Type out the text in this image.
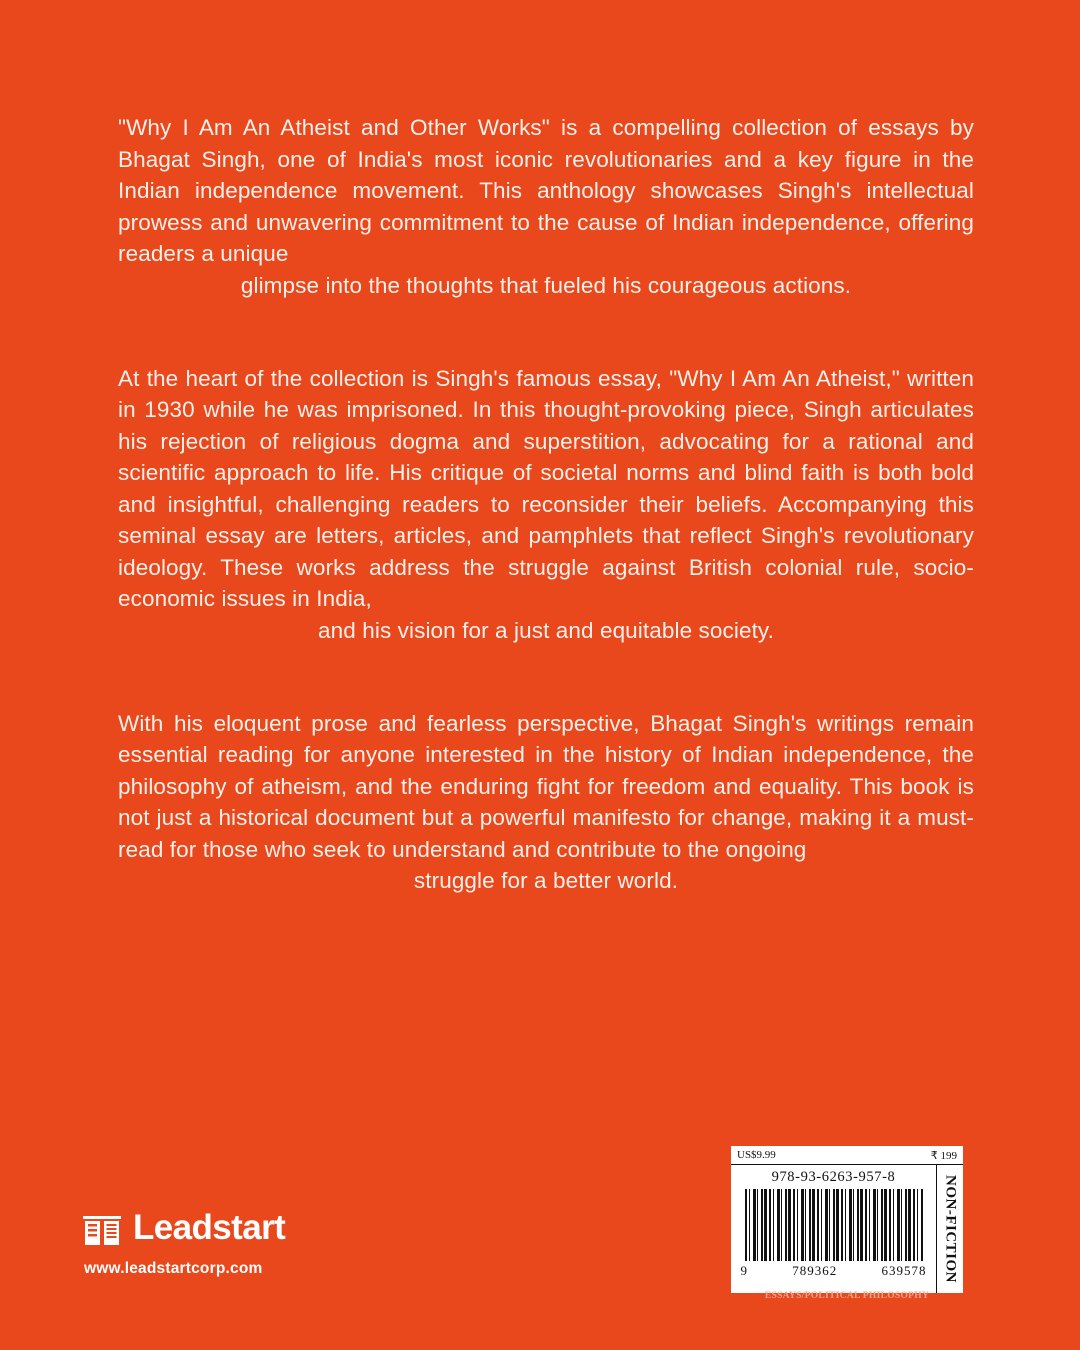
"Why I Am An Atheist and Other Works" is a compelling collection of essays by Bhagat Singh, one of India's most iconic revolutionaries and a key figure in the Indian independence movement. This anthology showcases Singh's intellectual prowess and unwavering commitment to the cause of Indian independence, offering readers a unique
glimpse into the thoughts that fueled his courageous actions.

At the heart of the collection is Singh's famous essay, "Why I Am An Atheist," written in 1930 while he was imprisoned. In this thought-provoking piece, Singh articulates his rejection of religious dogma and superstition, advocating for a rational and scientific approach to life. His critique of societal norms and blind faith is both bold and insightful, challenging readers to reconsider their beliefs. Accompanying this seminal essay are letters, articles, and pamphlets that reflect Singh's revolutionary ideology. These works address the struggle against British colonial rule, socio-economic issues in India,
and his vision for a just and equitable society.

With his eloquent prose and fearless perspective, Bhagat Singh's writings remain essential reading for anyone interested in the history of Indian independence, the philosophy of atheism, and the enduring fight for freedom and equality. This book is not just a historical document but a powerful manifesto for change, making it a must-read for those who seek to understand and contribute to the ongoing
struggle for a better world.

Leadstart
www.leadstartcorp.com
US$9.99	₹ 199
978-93-6263-957-8
9	789362	639578 NON-FICTION
ESSAYS/POLITICAL PHILOSOPHY
